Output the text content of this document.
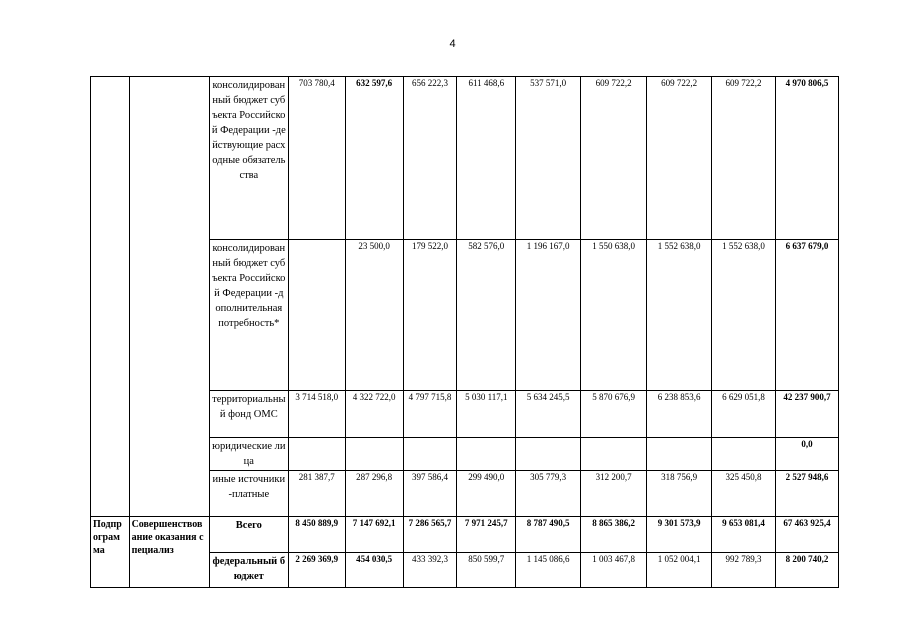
4
		консолидированный бюджет субъекта Российской Федерации -действующие расходные обязательства	703 780,4	632 597,6	656 222,3	611 468,6	537 571,0	609 722,2	609 722,2	609 722,2	4 970 806,5
		консолидированный бюджет субъекта Российской Федерации -дополнительная потребность*		23 500,0	179 522,0	582 576,0	1 196 167,0	1 550 638,0	1 552 638,0	1 552 638,0	6 637 679,0
		территориальный фонд ОМС	3 714 518,0	4 322 722,0	4 797 715,8	5 030 117,1	5 634 245,5	5 870 676,9	6 238 853,6	6 629 051,8	42 237 900,7
		юридические лица									0,0
		иные источники -платные	281 387,7	287 296,8	397 586,4	299 490,0	305 779,3	312 200,7	318 756,9	325 450,8	2 527 948,6
Подпрограмма	Совершенствование оказания специализ	Всего	8 450 889,9	7 147 692,1	7 286 565,7	7 971 245,7	8 787 490,5	8 865 386,2	9 301 573,9	9 653 081,4	67 463 925,4
		федеральный бюджет	2 269 369,9	454 030,5	433 392,3	850 599,7	1 145 086,6	1 003 467,8	1 052 004,1	992 789,3	8 200 740,2
